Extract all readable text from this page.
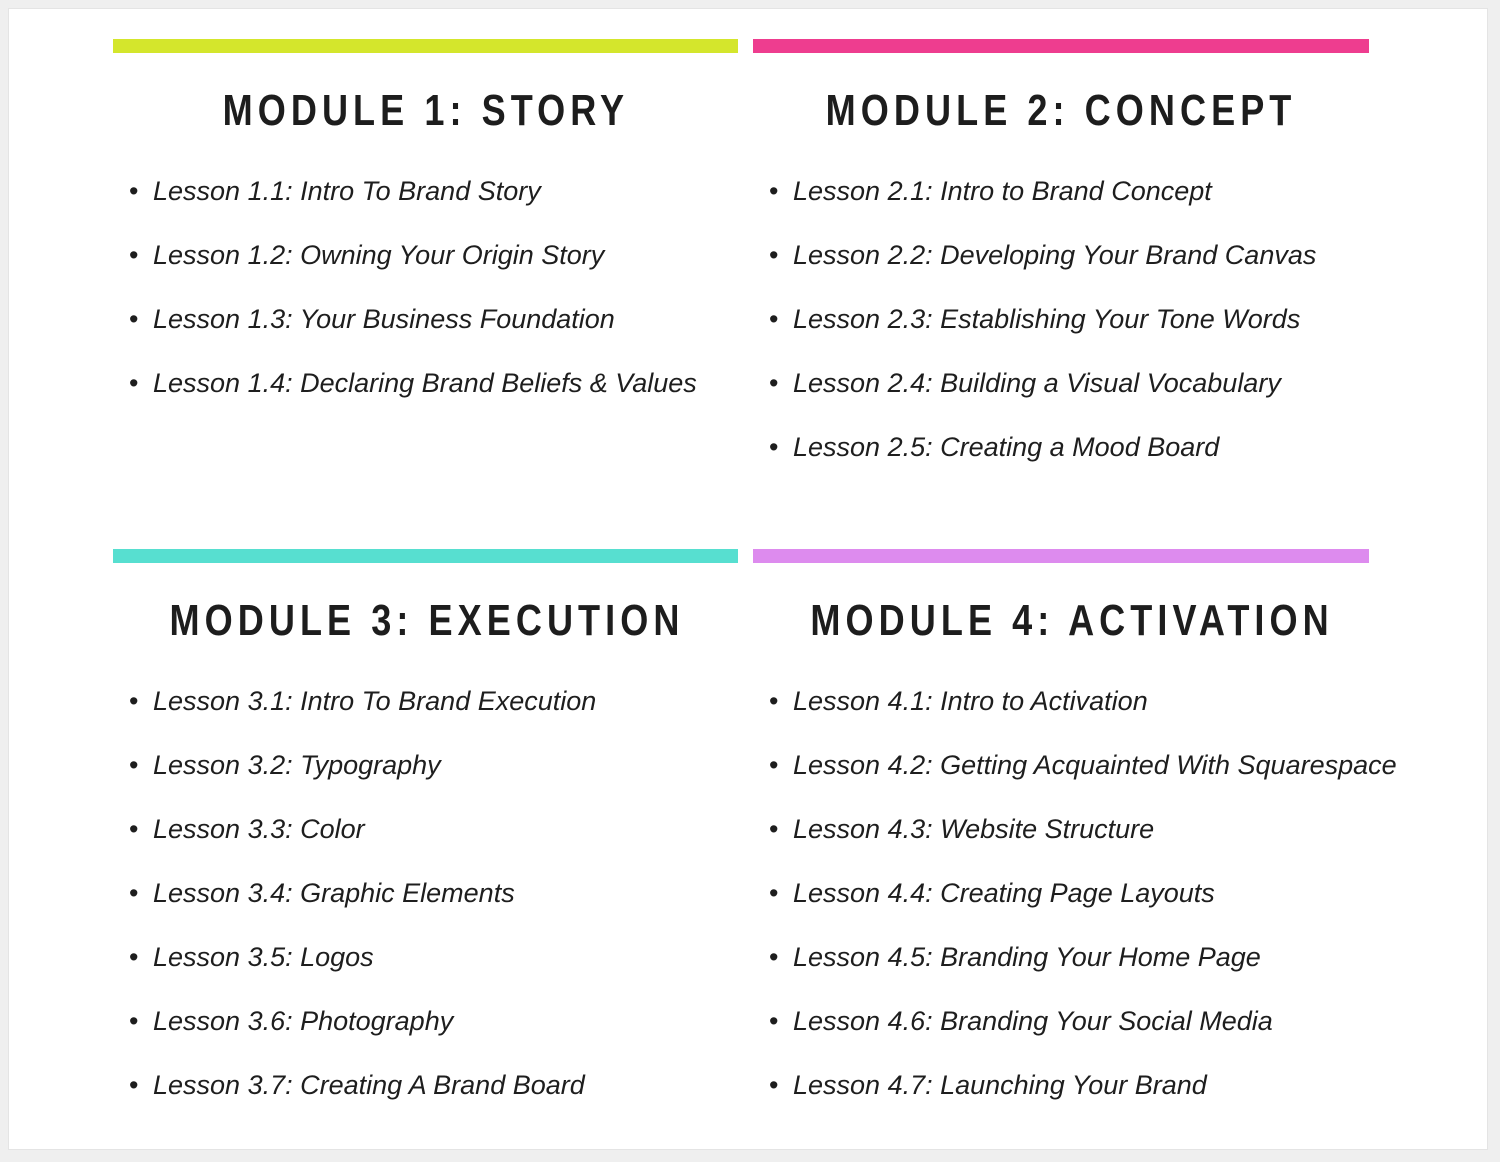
MODULE 1: STORY
• Lesson 1.1: Intro To Brand Story
• Lesson 1.2: Owning Your Origin Story
• Lesson 1.3: Your Business Foundation
• Lesson 1.4: Declaring Brand Beliefs & Values
MODULE 2: CONCEPT
• Lesson 2.1: Intro to Brand Concept
• Lesson 2.2: Developing Your Brand Canvas
• Lesson 2.3: Establishing Your Tone Words
• Lesson 2.4: Building a Visual Vocabulary
• Lesson 2.5: Creating a Mood Board
MODULE 3: EXECUTION
• Lesson 3.1: Intro To Brand Execution
• Lesson 3.2: Typography
• Lesson 3.3: Color
• Lesson 3.4: Graphic Elements
• Lesson 3.5: Logos
• Lesson 3.6: Photography
• Lesson 3.7: Creating A Brand Board
MODULE 4: ACTIVATION
• Lesson 4.1: Intro to Activation
• Lesson 4.2: Getting Acquainted With Squarespace
• Lesson 4.3: Website Structure
• Lesson 4.4: Creating Page Layouts
• Lesson 4.5: Branding Your Home Page
• Lesson 4.6: Branding Your Social Media
• Lesson 4.7: Launching Your Brand
